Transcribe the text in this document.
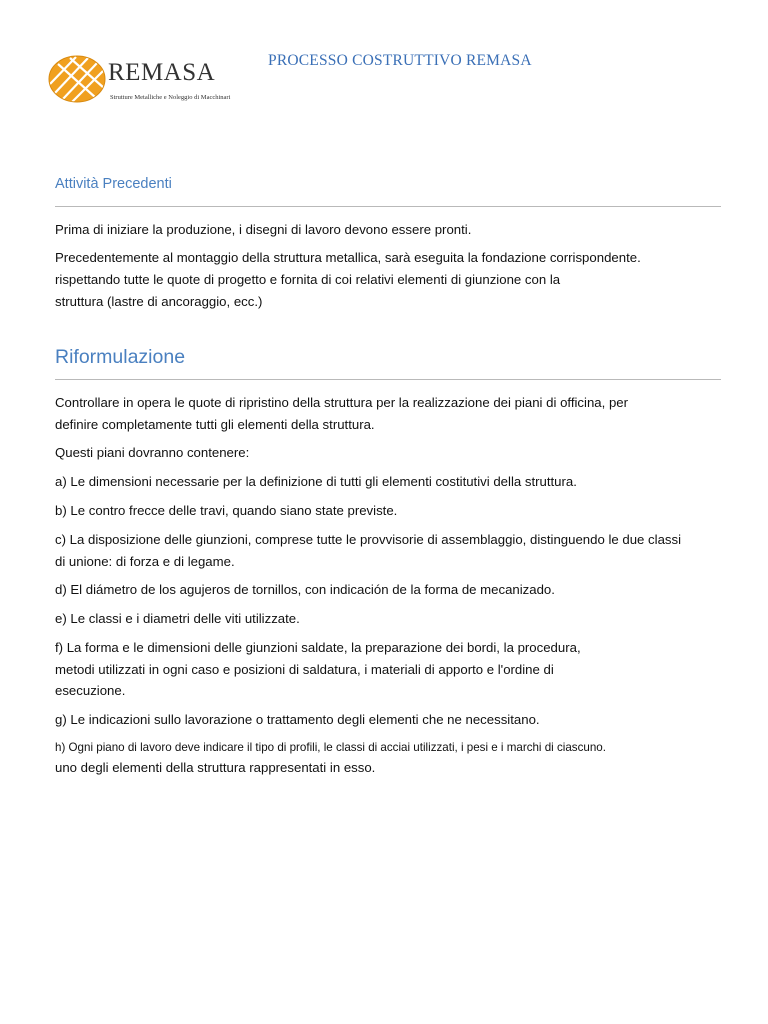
REMASA
Strutture Metalliche e Noleggio di Macchinari
PROCESSO COSTRUTTIVO REMASA
Attività Precedenti

Prima di iniziare la produzione, i disegni di lavoro devono essere pronti.

Precedentemente al montaggio della struttura metallica, sarà eseguita la fondazione corrispondente.
rispettando tutte le quote di progetto e fornita di coi relativi elementi di giunzione con la
struttura (lastre di ancoraggio, ecc.)

Riformulazione

Controllare in opera le quote di ripristino della struttura per la realizzazione dei piani di officina, per
definire completamente tutti gli elementi della struttura.

Questi piani dovranno contenere:

a) Le dimensioni necessarie per la definizione di tutti gli elementi costitutivi della struttura.

b) Le contro frecce delle travi, quando siano state previste.

c) La disposizione delle giunzioni, comprese tutte le provvisorie di assemblaggio, distinguendo le due classi
di unione: di forza e di legame.

d) El diámetro de los agujeros de tornillos, con indicación de la forma de mecanizado.

e) Le classi e i diametri delle viti utilizzate.

f) La forma e le dimensioni delle giunzioni saldate, la preparazione dei bordi, la procedura,
metodi utilizzati in ogni caso e posizioni di saldatura, i materiali di apporto e l'ordine di
esecuzione.

g) Le indicazioni sullo lavorazione o trattamento degli elementi che ne necessitano.

h) Ogni piano di lavoro deve indicare il tipo di profili, le classi di acciai utilizzati, i pesi e i marchi di ciascuno.

uno degli elementi della struttura rappresentati in esso.
